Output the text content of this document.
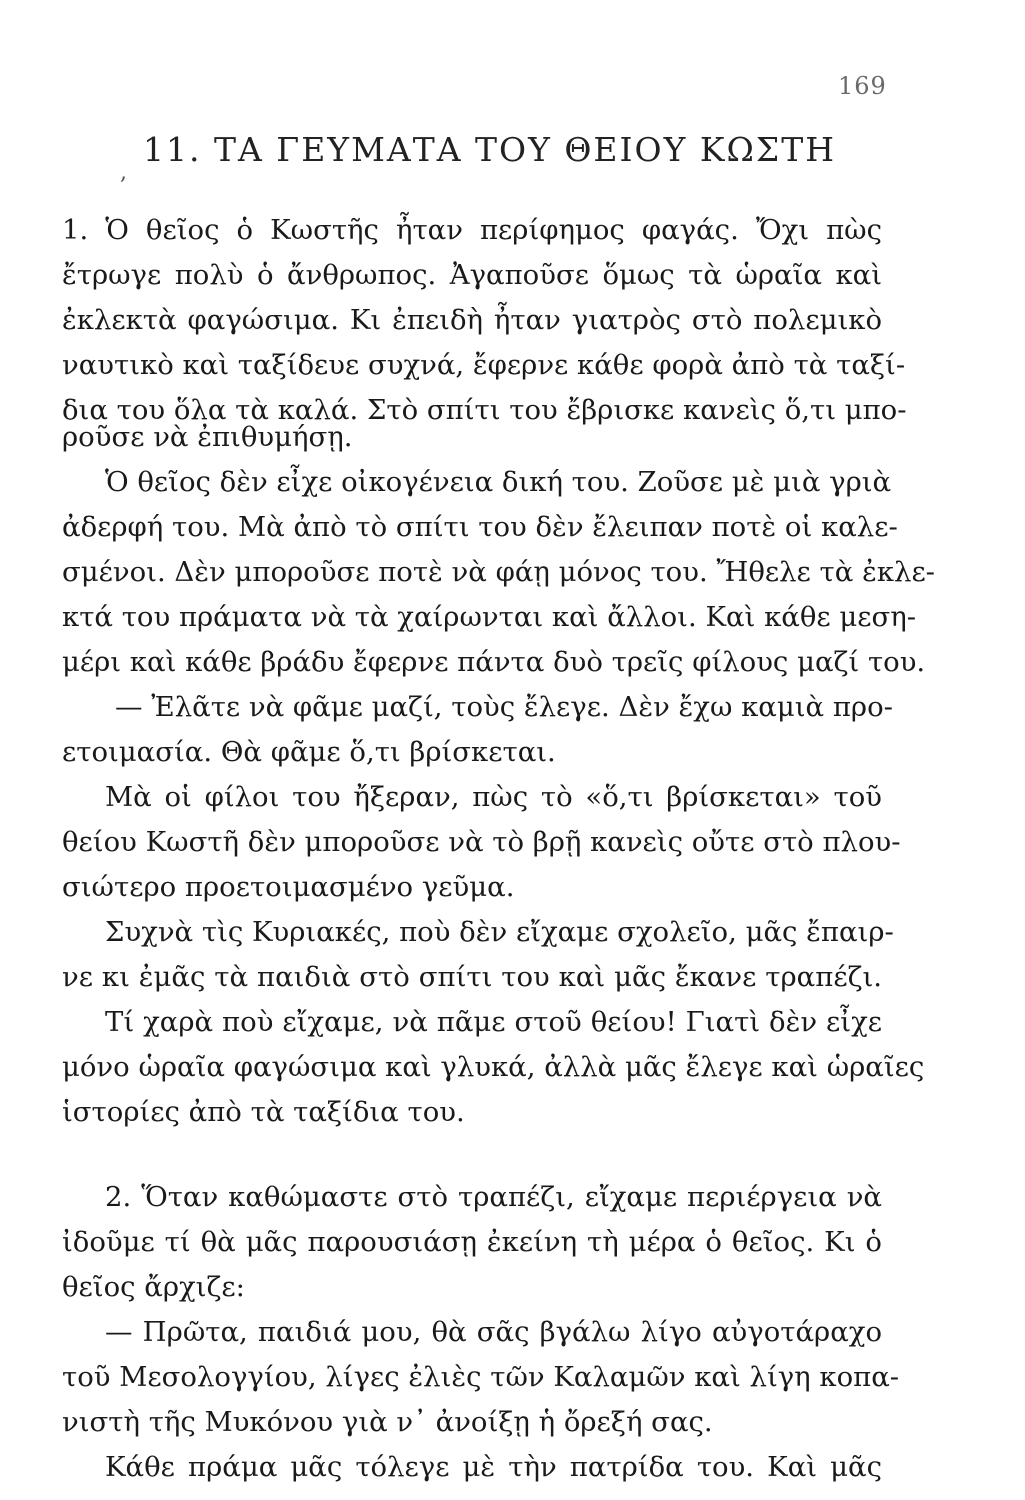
169
,
11. ΤΑ ΓΕΥΜΑΤΑ ΤΟΥ ΘΕΙΟΥ ΚΩΣΤΗ
1. Ὁ θεῖος ὁ Κωστῆς ἦταν περίφημος φαγάς. Ὄχι πὼς
ἔτρωγε πολὺ ὁ ἄνθρωπος. Ἀγαποῦσε ὅμως τὰ ὡραῖα καὶ
ἐκλεκτὰ φαγώσιμα. Κι ἐπειδὴ ἦταν γιατρὸς στὸ πολεμικὸ
ναυτικὸ καὶ ταξίδευε συχνά, ἔφερνε κάθε φορὰ ἀπὸ τὰ ταξί-
δια του ὅλα τὰ καλά. Στὸ σπίτι του ἔβρισκε κανεὶς ὅ,τι μπο-
ροῦσε νὰ ἐπιθυμήσῃ.
Ὁ θεῖος δὲν εἶχε οἰκογένεια δική του. Ζοῦσε μὲ μιὰ γριὰ
ἀδερφή του. Μὰ ἀπὸ τὸ σπίτι του δὲν ἔλειπαν ποτὲ οἱ καλε-
σμένοι. Δὲν μποροῦσε ποτὲ νὰ φάῃ μόνος του. Ἤθελε τὰ ἐκλε-
κτά του πράματα νὰ τὰ χαίρωνται καὶ ἄλλοι. Καὶ κάθε μεση-
μέρι καὶ κάθε βράδυ ἔφερνε πάντα δυὸ τρεῖς φίλους μαζί του.
— Ἐλᾶτε νὰ φᾶμε μαζί, τοὺς ἔλεγε. Δὲν ἔχω καμιὰ προ-
ετοιμασία. Θὰ φᾶμε ὅ,τι βρίσκεται.
Μὰ οἱ φίλοι του ἤξεραν, πὼς τὸ «ὅ,τι βρίσκεται» τοῦ
θείου Κωστῆ δὲν μποροῦσε νὰ τὸ βρῇ κανεὶς οὔτε στὸ πλου-
σιώτερο προετοιμασμένο γεῦμα.
Συχνὰ τὶς Κυριακές, ποὺ δὲν εἴχαμε σχολεῖο, μᾶς ἔπαιρ-
νε κι ἐμᾶς τὰ παιδιὰ στὸ σπίτι του καὶ μᾶς ἔκανε τραπέζι.
Τί χαρὰ ποὺ εἴχαμε, νὰ πᾶμε στοῦ θείου! Γιατὶ δὲν εἶχε
μόνο ὡραῖα φαγώσιμα καὶ γλυκά, ἀλλὰ μᾶς ἔλεγε καὶ ὡραῖες
ἱστορίες ἀπὸ τὰ ταξίδια του.
2. Ὅταν καθώμαστε στὸ τραπέζι, εἴχαμε περιέργεια νὰ
ἰδοῦμε τί θὰ μᾶς παρουσιάσῃ ἐκείνη τὴ μέρα ὁ θεῖος. Κι ὁ
θεῖος ἄρχιζε:
— Πρῶτα, παιδιά μου, θὰ σᾶς βγάλω λίγο αὐγοτάραχο
τοῦ Μεσολογγίου, λίγες ἐλιὲς τῶν Καλαμῶν καὶ λίγη κοπα-
νιστὴ τῆς Μυκόνου γιὰ ν᾽ ἀνοίξῃ ἡ ὄρεξή σας.
Κάθε πράμα μᾶς τόλεγε μὲ τὴν πατρίδα του. Καὶ μᾶς
